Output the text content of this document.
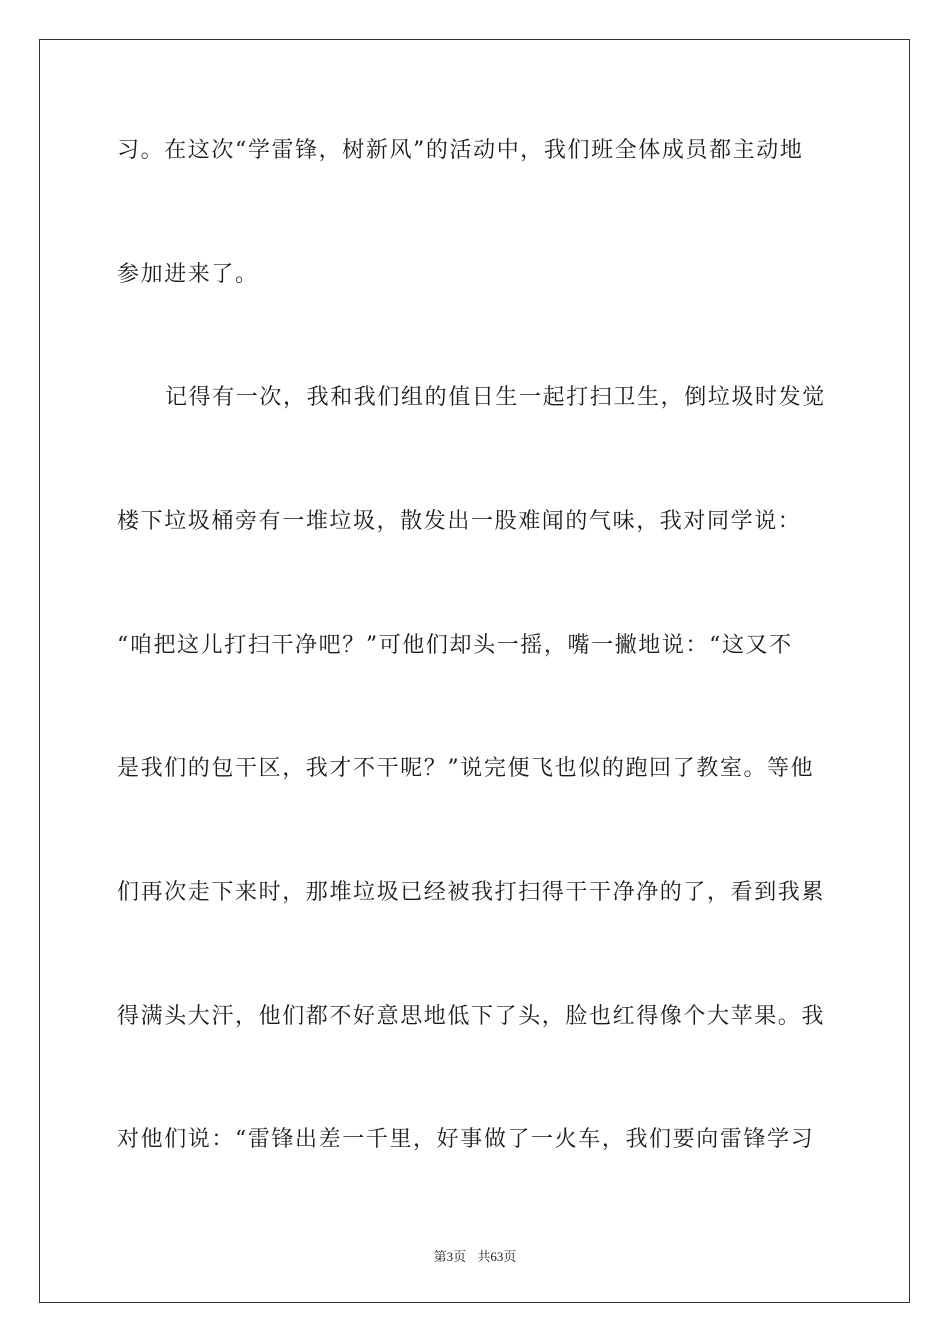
习。在这次“学雷锋，树新风”的活动中，我们班全体成员都主动地
参加进来了。
记得有一次，我和我们组的值日生一起打扫卫生，倒垃圾时发觉
楼下垃圾桶旁有一堆垃圾，散发出一股难闻的气味，我对同学说：
“咱把这儿打扫干净吧？”可他们却头一摇，嘴一撇地说：“这又不
是我们的包干区，我才不干呢？”说完便飞也似的跑回了教室。等他
们再次走下来时，那堆垃圾已经被我打扫得干干净净的了，看到我累
得满头大汗，他们都不好意思地低下了头，脸也红得像个大苹果。我
对他们说：“雷锋出差一千里，好事做了一火车，我们要向雷锋学习
第3页 共63页
